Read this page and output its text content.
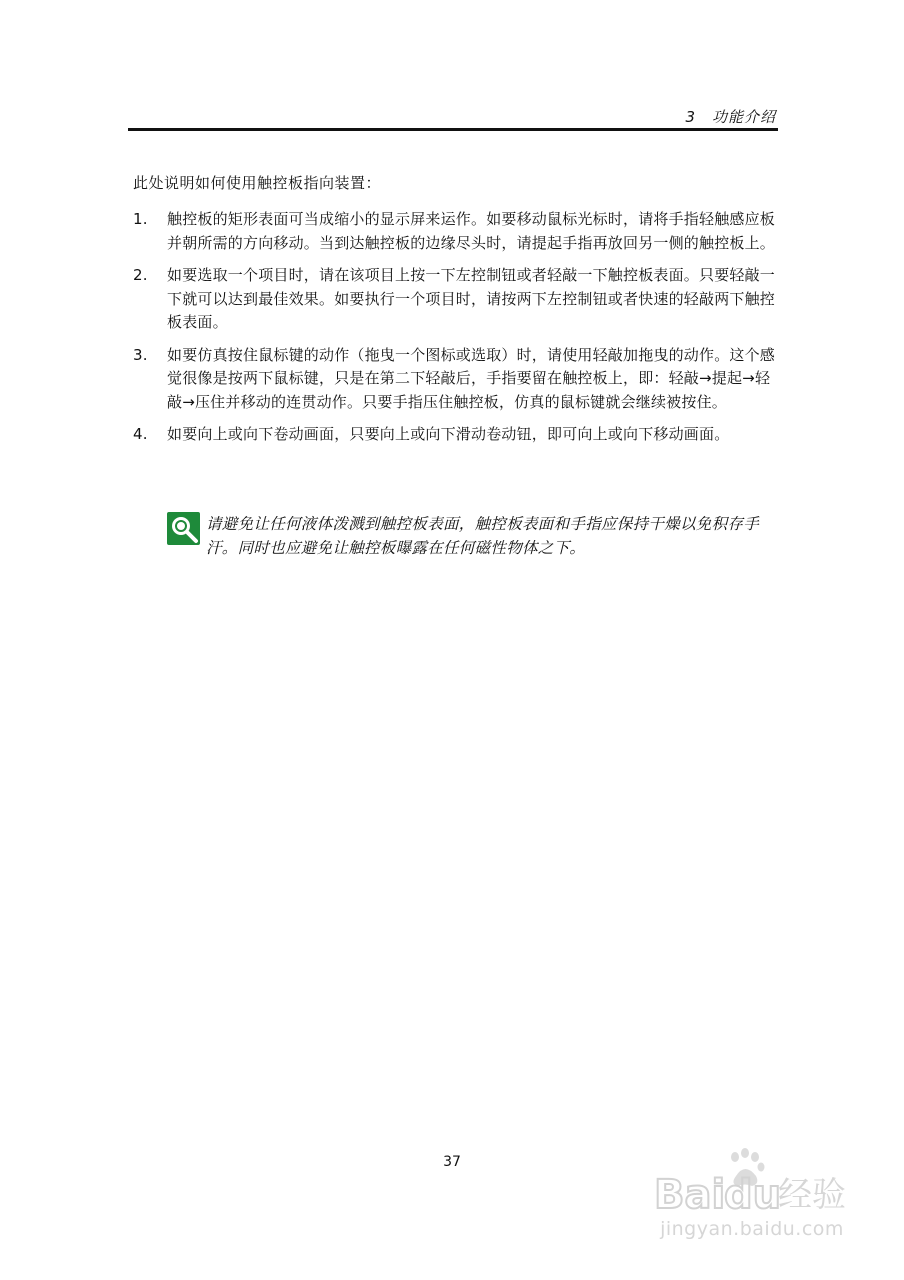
3 功能介绍
此处说明如何使用触控板指向装置：
1. 触控板的矩形表面可当成缩小的显示屏来运作。如要移动鼠标光标时，请将手指轻触感应板并朝所需的方向移动。当到达触控板的边缘尽头时，请提起手指再放回另一侧的触控板上。
2. 如要选取一个项目时，请在该项目上按一下左控制钮或者轻敲一下触控板表面。只要轻敲一下就可以达到最佳效果。如要执行一个项目时，请按两下左控制钮或者快速的轻敲两下触控板表面。
3. 如要仿真按住鼠标键的动作（拖曳一个图标或选取）时，请使用轻敲加拖曳的动作。这个感觉很像是按两下鼠标键，只是在第二下轻敲后，手指要留在触控板上，即：轻敲→提起→轻敲→压住并移动的连贯动作。只要手指压住触控板，仿真的鼠标键就会继续被按住。
4. 如要向上或向下卷动画面，只要向上或向下滑动卷动钮，即可向上或向下移动画面。
请避免让任何液体泼溅到触控板表面，触控板表面和手指应保持干燥以免积存手汗。同时也应避免让触控板曝露在任何磁性物体之下。
37
Bai
du
经验
jingyan.baidu.com
